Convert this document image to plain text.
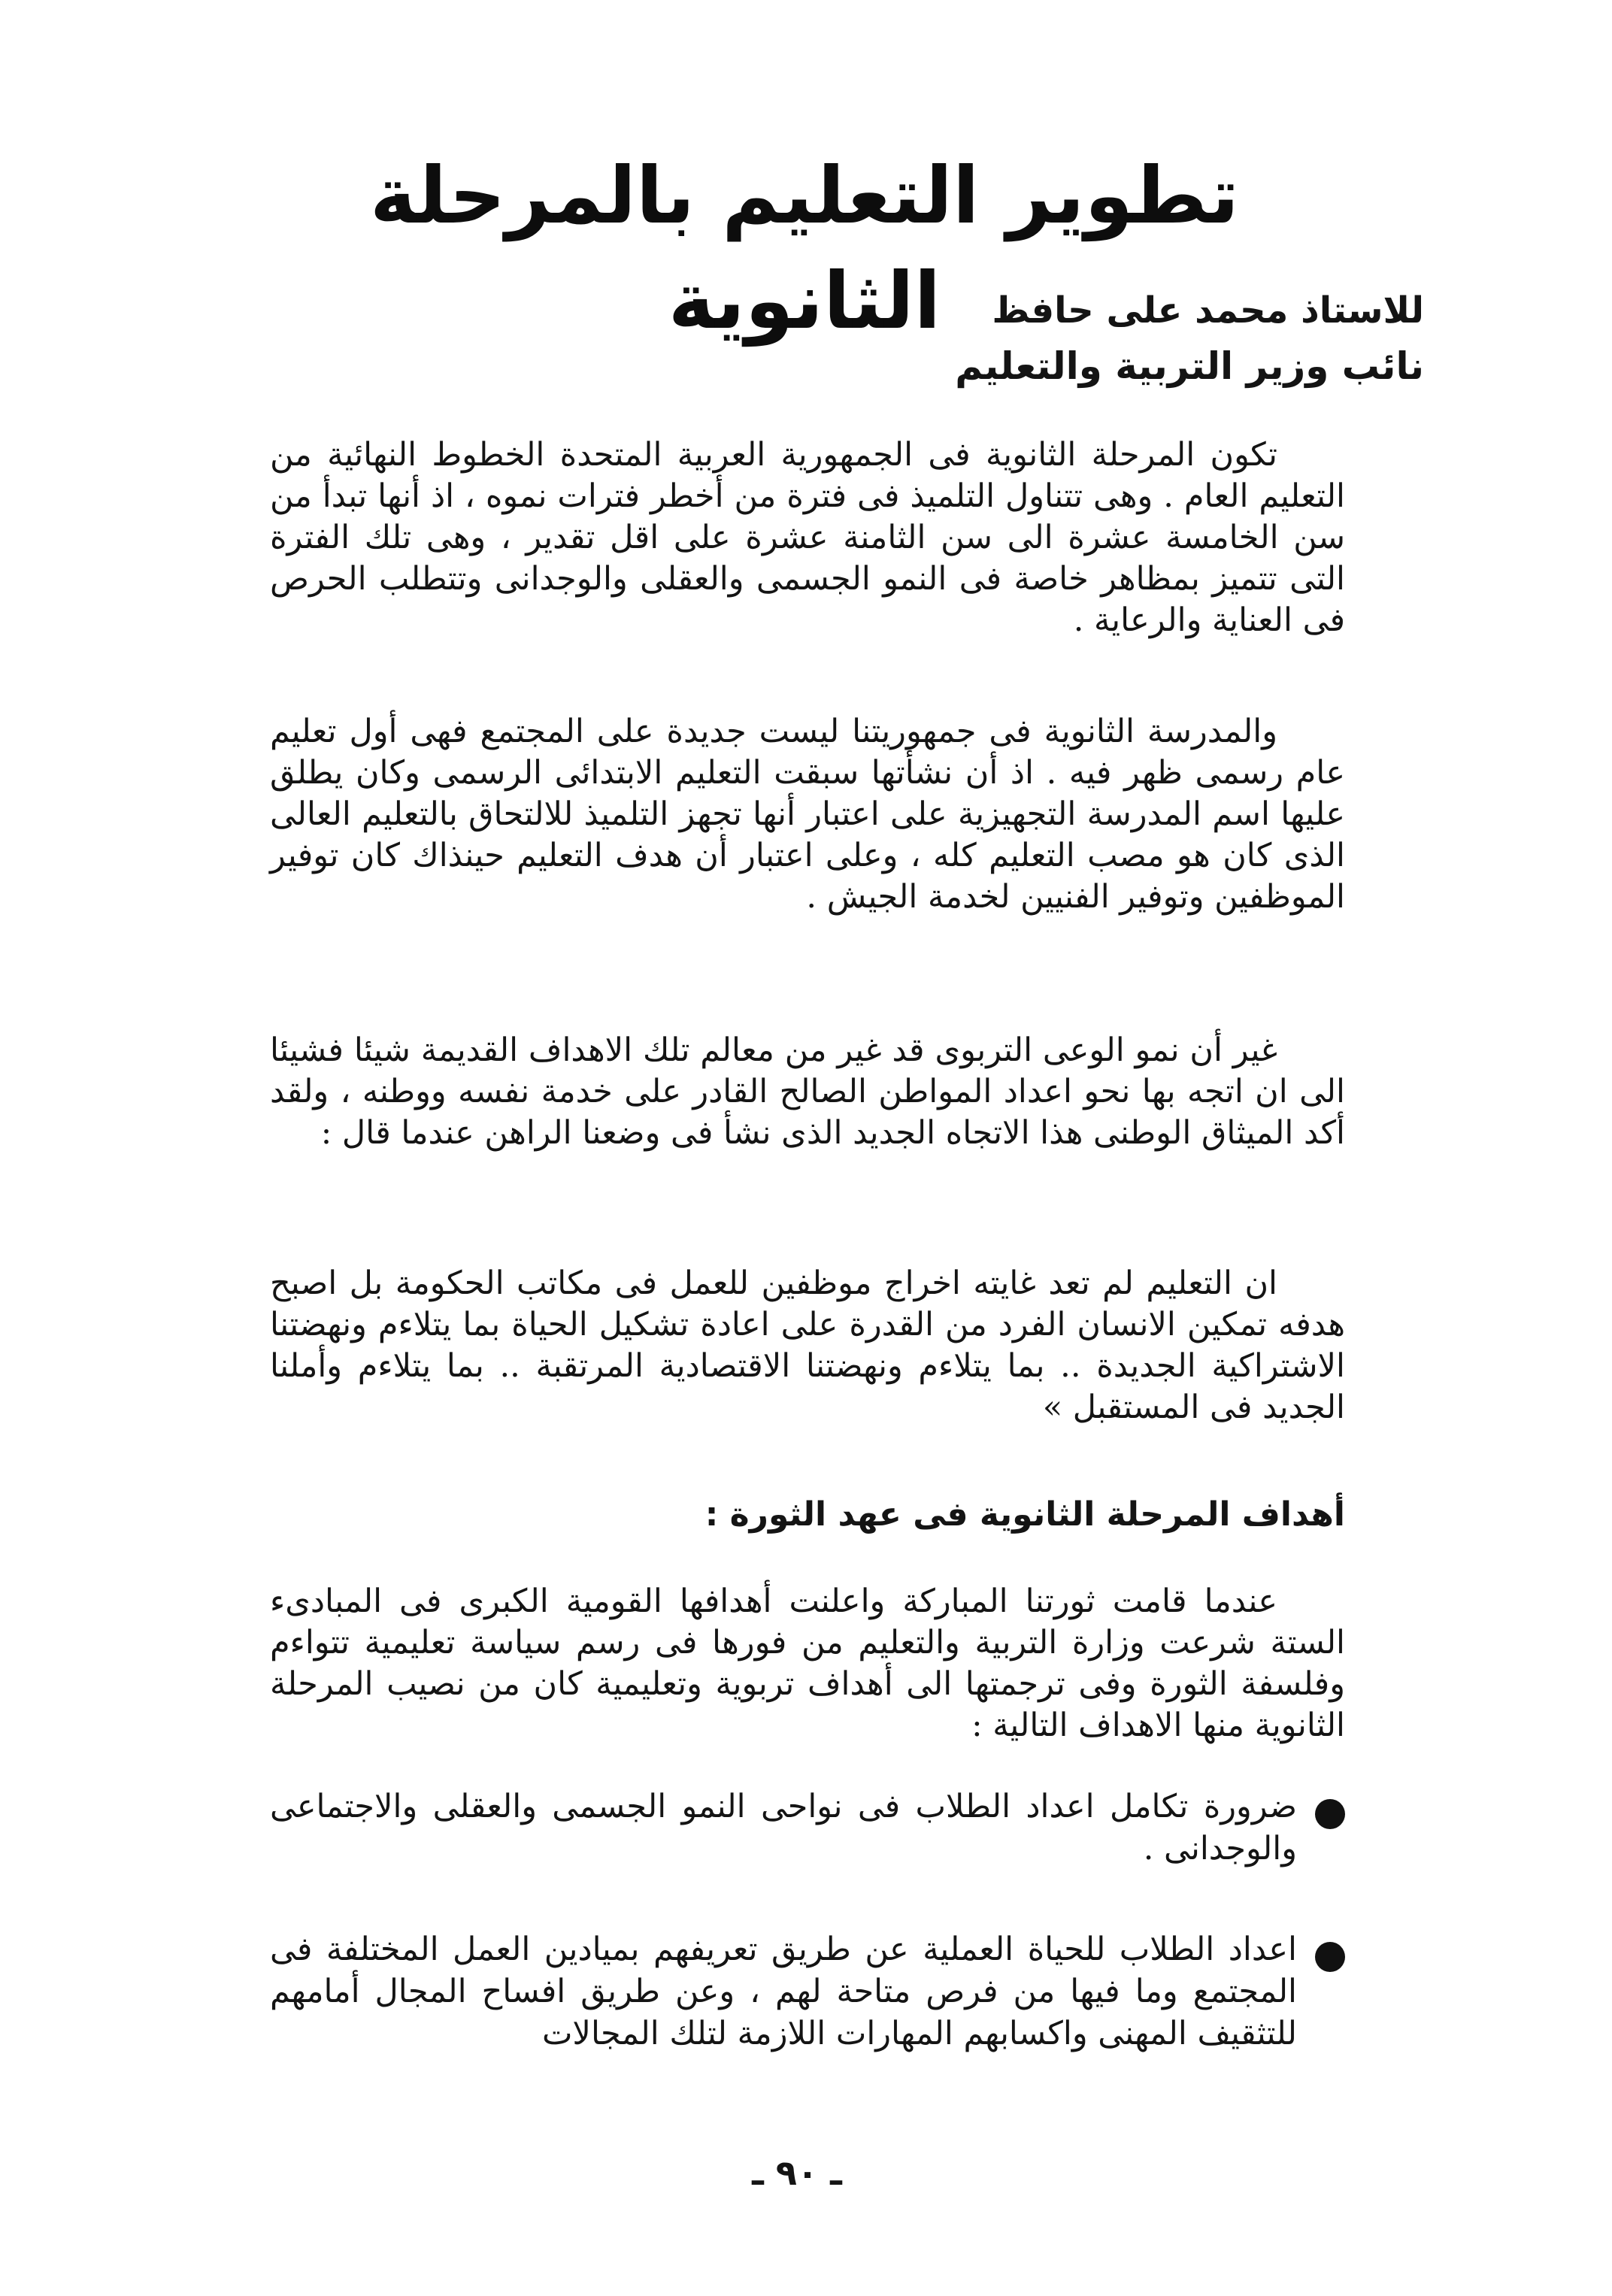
تطوير التعليم بالمرحلة الثانوية	للاستاذ محمد على حافظ
نائب وزير التربية والتعليم

تكون المرحلة الثانوية فى الجمهورية العربية المتحدة الخطوط النهائية من التعليم العام . وهى تتناول التلميذ فى فترة من أخطر فترات نموه ، اذ أنها تبدأ من سن الخامسة عشرة الى سن الثامنة عشرة على اقل تقدير ، وهى تلك الفترة التى تتميز بمظاهر خاصة فى النمو الجسمى والعقلى والوجدانى وتتطلب الحرص فى العناية والرعاية .

والمدرسة الثانوية فى جمهوريتنا ليست جديدة على المجتمع فهى أول تعليم عام رسمى ظهر فيه . اذ أن نشأتها سبقت التعليم الابتدائى الرسمى وكان يطلق عليها اسم المدرسة التجهيزية على اعتبار أنها تجهز التلميذ للالتحاق بالتعليم العالى الذى كان هو مصب التعليم كله ، وعلى اعتبار أن هدف التعليم حينذاك كان توفير الموظفين وتوفير الفنيين لخدمة الجيش .

غير أن نمو الوعى التربوى قد غير من معالم تلك الاهداف القديمة شيئا فشيئا الى ان اتجه بها نحو اعداد المواطن الصالح القادر على خدمة نفسه ووطنه ، ولقد أكد الميثاق الوطنى هذا الاتجاه الجديد الذى نشأ فى وضعنا الراهن عندما قال :

ان التعليم لم تعد غايته اخراج موظفين للعمل فى مكاتب الحكومة بل اصبح هدفه تمكين الانسان الفرد من القدرة على اعادة تشكيل الحياة بما يتلاءم ونهضتنا الاشتراكية الجديدة .. بما يتلاءم ونهضتنا الاقتصادية المرتقبة .. بما يتلاءم وأملنا الجديد فى المستقبل »

أهداف المرحلة الثانوية فى عهد الثورة :

عندما قامت ثورتنا المباركة واعلنت أهدافها القومية الكبرى فى المبادىء الستة شرعت وزارة التربية والتعليم من فورها فى رسم سياسة تعليمية تتواءم وفلسفة الثورة وفى ترجمتها الى أهداف تربوية وتعليمية كان من نصيب المرحلة الثانوية منها الاهداف التالية :

ضرورة تكامل اعداد الطلاب فى نواحى النمو الجسمى والعقلى والاجتماعى والوجدانى .
اعداد الطلاب للحياة العملية عن طريق تعريفهم بميادين العمل المختلفة فى المجتمع وما فيها من فرص متاحة لهم ، وعن طريق افساح المجال أمامهم للتثقيف المهنى واكسابهم المهارات اللازمة لتلك المجالات
ـ ٩٠ ـ
